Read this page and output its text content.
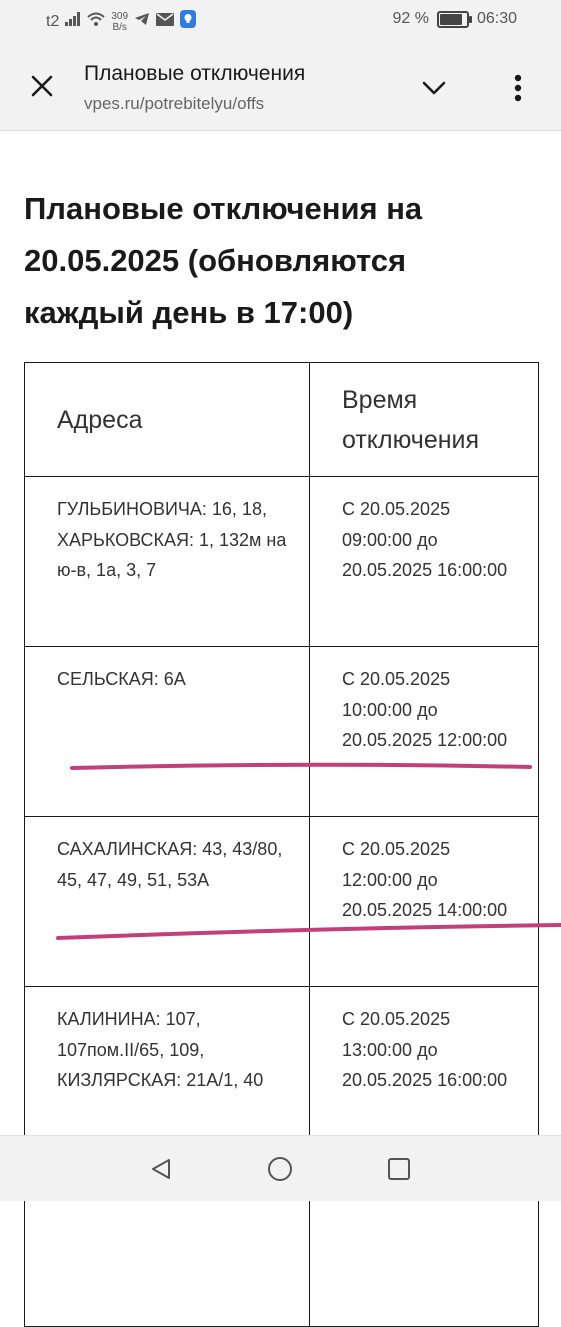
t2	309
B/s	92 %	06:30
Плановые отключения
vpes.ru/potrebitelyu/offs
Плановые отключения на 20.05.2025 (обновляются каждый день в 17:00)
Адреса	Время отключения
ГУЛЬБИНОВИЧА: 16, 18, ХАРЬКОВСКАЯ: 1, 132м на ю-в, 1а, 3, 7	С 20.05.2025 09:00:00 до 20.05.2025 16:00:00
СЕЛЬСКАЯ: 6А	С 20.05.2025 10:00:00 до 20.05.2025 12:00:00
САХАЛИНСКАЯ: 43, 43/80, 45, 47, 49, 51, 53А	С 20.05.2025 12:00:00 до 20.05.2025 14:00:00
КАЛИНИНА: 107, 107пом.II/65, 109, КИЗЛЯРСКАЯ: 21А/1, 40	С 20.05.2025 13:00:00 до 20.05.2025 16:00:00
